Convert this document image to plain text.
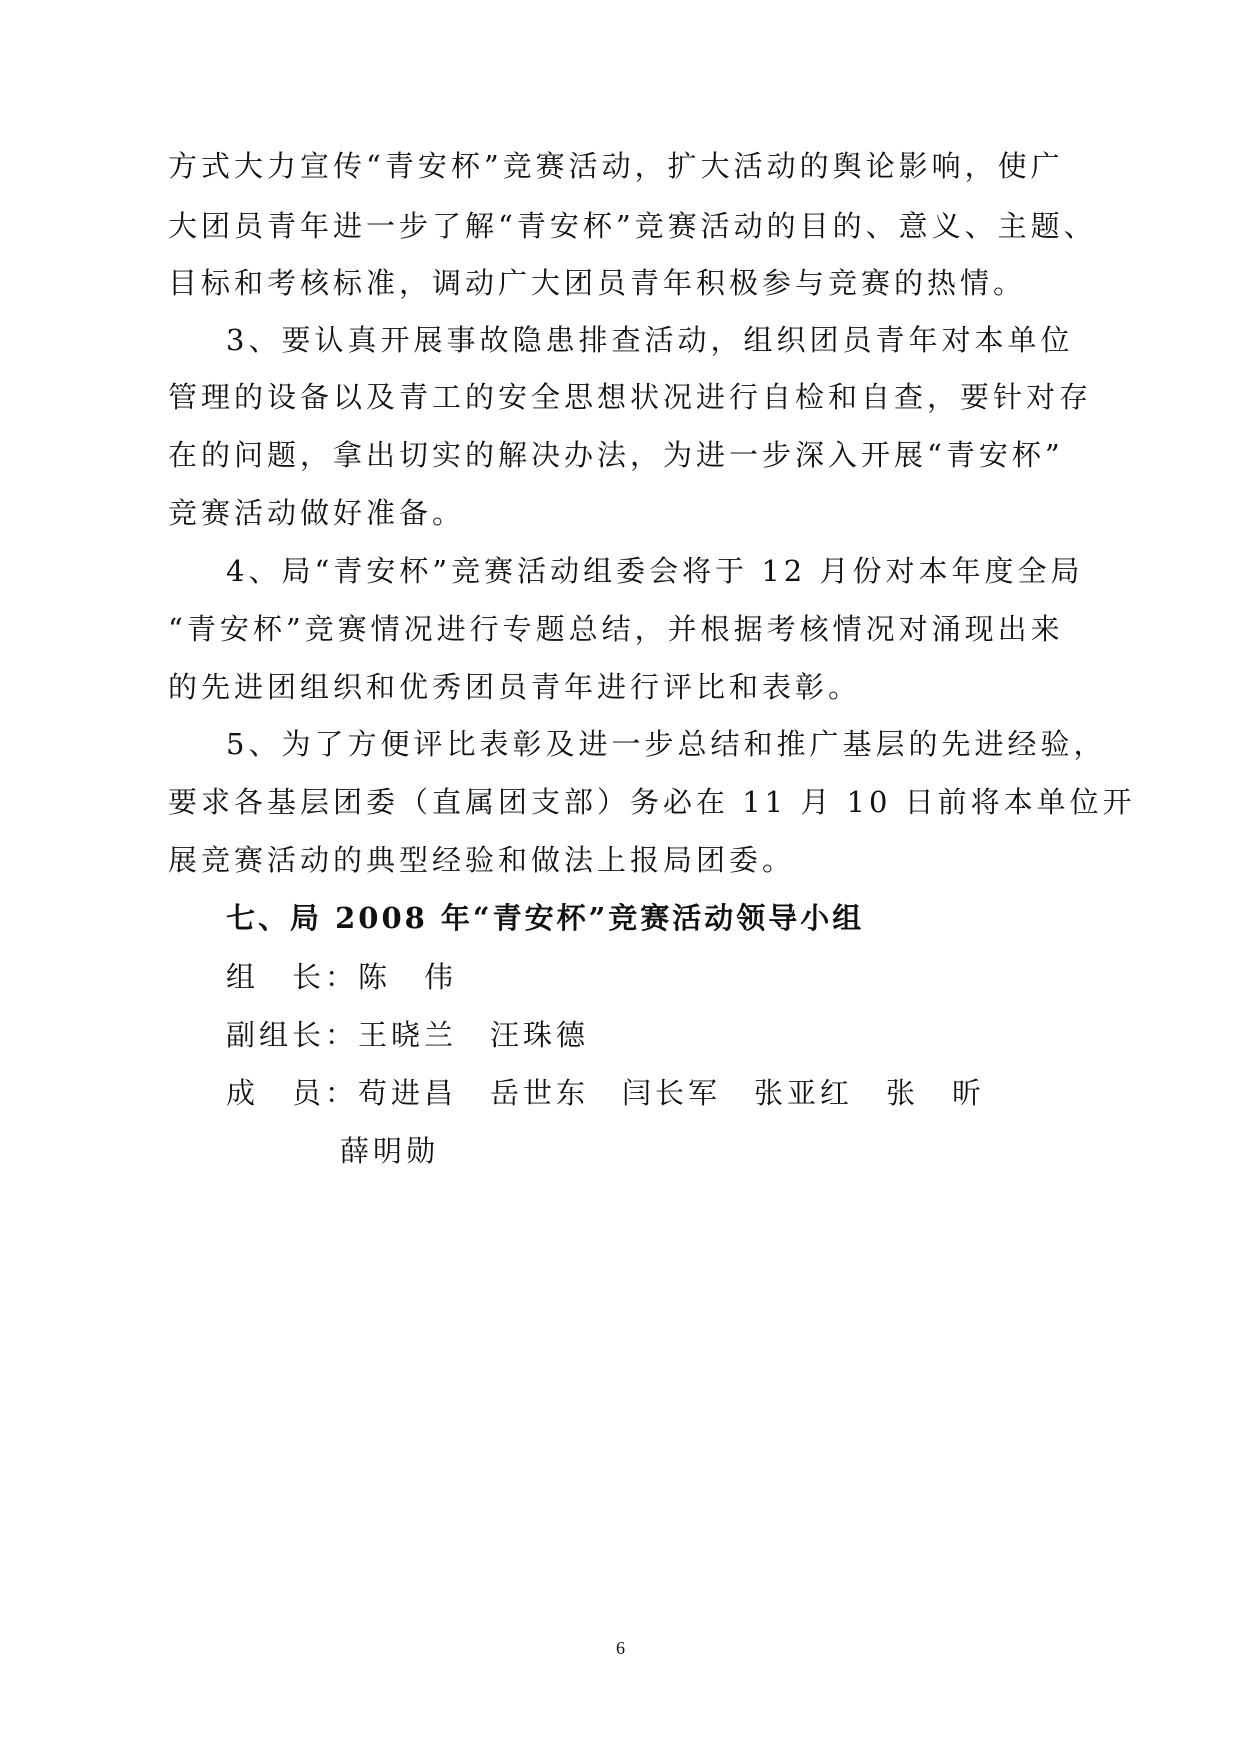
方式大力宣传“青安杯”竞赛活动，扩大活动的舆论影响，使广
大团员青年进一步了解“青安杯”竞赛活动的目的、意义、主题、
目标和考核标准，调动广大团员青年积极参与竞赛的热情。
3、要认真开展事故隐患排查活动，组织团员青年对本单位
管理的设备以及青工的安全思想状况进行自检和自查，要针对存
在的问题，拿出切实的解决办法，为进一步深入开展“青安杯”
竞赛活动做好准备。
4、局“青安杯”竞赛活动组委会将于 12 月份对本年度全局
“青安杯”竞赛情况进行专题总结，并根据考核情况对涌现出来
的先进团组织和优秀团员青年进行评比和表彰。
5、为了方便评比表彰及进一步总结和推广基层的先进经验，
要求各基层团委（直属团支部）务必在 11 月 10 日前将本单位开
展竞赛活动的典型经验和做法上报局团委。
七、局 2008 年“青安杯”竞赛活动领导小组
组　长：陈　伟
副组长：王晓兰　汪珠德
成　员：苟进昌　岳世东　闫长军　张亚红　张　昕
薛明勋
6
